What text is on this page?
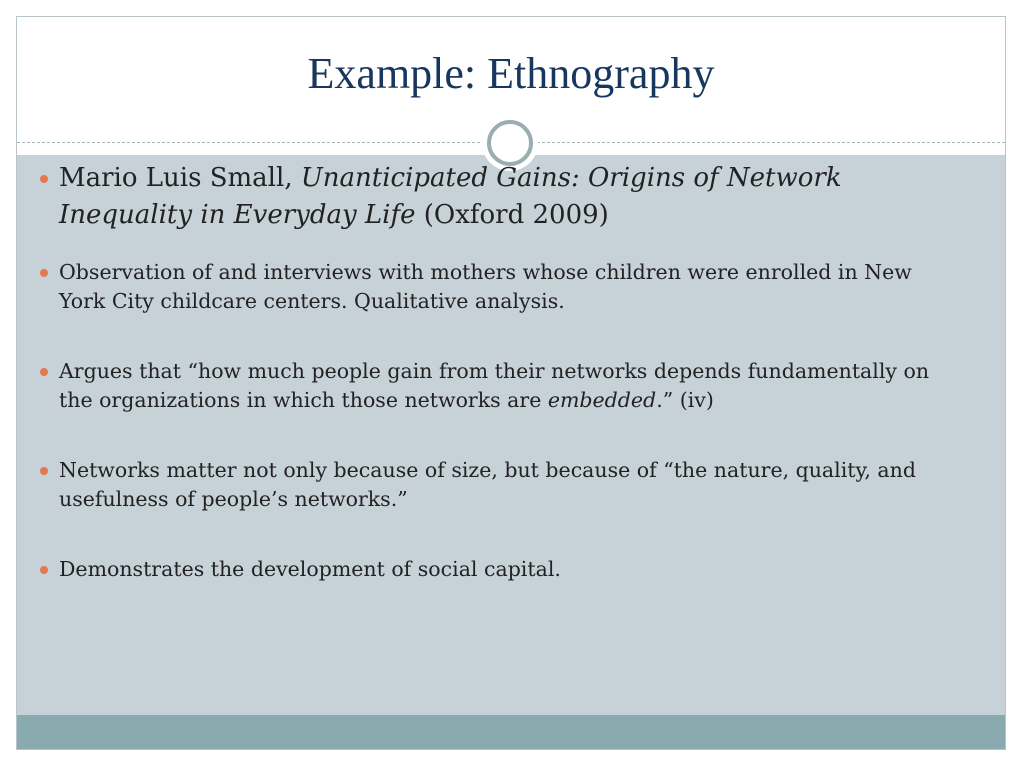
Example: Ethnography
Mario Luis Small, Unanticipated Gains: Origins of Network Inequality in Everyday Life (Oxford 2009)
Observation of and interviews with mothers whose children were enrolled in New York City childcare centers. Qualitative analysis.
Argues that “how much people gain from their networks depends fundamentally on the organizations in which those networks are embedded.” (iv)
Networks matter not only because of size, but because of “the nature, quality, and usefulness of people’s networks.”
Demonstrates the development of social capital.
